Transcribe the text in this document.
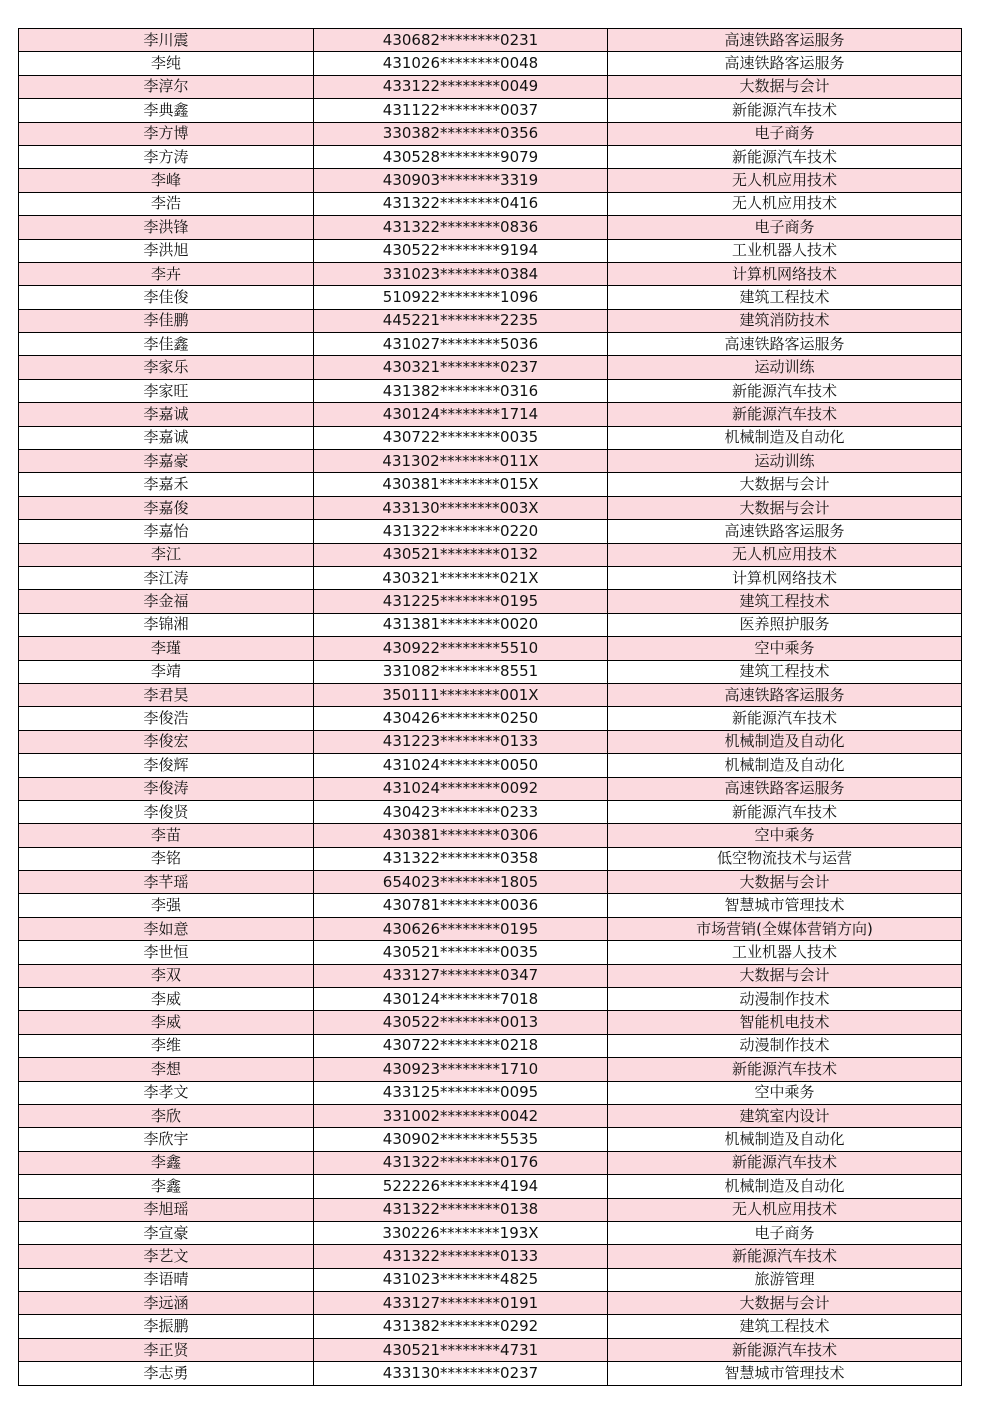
李川震	430682********0231	高速铁路客运服务
李纯	431026********0048	高速铁路客运服务
李淳尔	433122********0049	大数据与会计
李典鑫	431122********0037	新能源汽车技术
李方博	330382********0356	电子商务
李方涛	430528********9079	新能源汽车技术
李峰	430903********3319	无人机应用技术
李浩	431322********0416	无人机应用技术
李洪锋	431322********0836	电子商务
李洪旭	430522********9194	工业机器人技术
李卉	331023********0384	计算机网络技术
李佳俊	510922********1096	建筑工程技术
李佳鹏	445221********2235	建筑消防技术
李佳鑫	431027********5036	高速铁路客运服务
李家乐	430321********0237	运动训练
李家旺	431382********0316	新能源汽车技术
李嘉诚	430124********1714	新能源汽车技术
李嘉诚	430722********0035	机械制造及自动化
李嘉豪	431302********011X	运动训练
李嘉禾	430381********015X	大数据与会计
李嘉俊	433130********003X	大数据与会计
李嘉怡	431322********0220	高速铁路客运服务
李江	430521********0132	无人机应用技术
李江涛	430321********021X	计算机网络技术
李金福	431225********0195	建筑工程技术
李锦湘	431381********0020	医养照护服务
李瑾	430922********5510	空中乘务
李靖	331082********8551	建筑工程技术
李君昊	350111********001X	高速铁路客运服务
李俊浩	430426********0250	新能源汽车技术
李俊宏	431223********0133	机械制造及自动化
李俊辉	431024********0050	机械制造及自动化
李俊涛	431024********0092	高速铁路客运服务
李俊贤	430423********0233	新能源汽车技术
李苗	430381********0306	空中乘务
李铭	431322********0358	低空物流技术与运营
李芊瑶	654023********1805	大数据与会计
李强	430781********0036	智慧城市管理技术
李如意	430626********0195	市场营销(全媒体营销方向)
李世恒	430521********0035	工业机器人技术
李双	433127********0347	大数据与会计
李威	430124********7018	动漫制作技术
李威	430522********0013	智能机电技术
李维	430722********0218	动漫制作技术
李想	430923********1710	新能源汽车技术
李孝文	433125********0095	空中乘务
李欣	331002********0042	建筑室内设计
李欣宇	430902********5535	机械制造及自动化
李鑫	431322********0176	新能源汽车技术
李鑫	522226********4194	机械制造及自动化
李旭瑶	431322********0138	无人机应用技术
李宣豪	330226********193X	电子商务
李艺文	431322********0133	新能源汽车技术
李语晴	431023********4825	旅游管理
李远涵	433127********0191	大数据与会计
李振鹏	431382********0292	建筑工程技术
李正贤	430521********4731	新能源汽车技术
李志勇	433130********0237	智慧城市管理技术
